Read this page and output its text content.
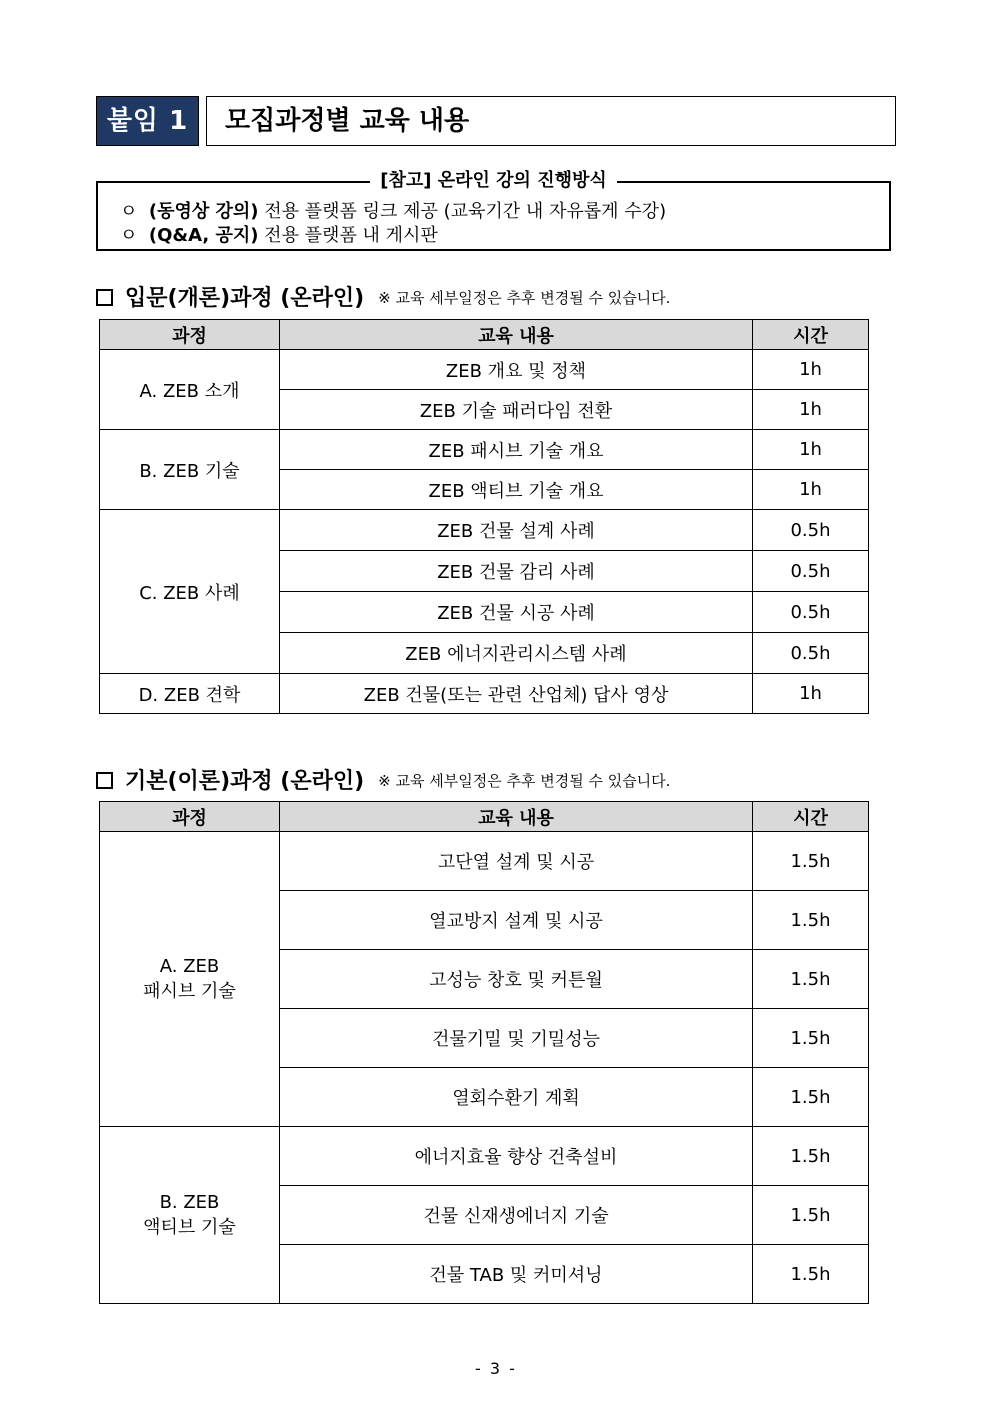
붙임 1	모집과정별 교육 내용
[참고] 온라인 강의 진행방식
ㅇ (동영상 강의) 전용 플랫폼 링크 제공 (교육기간 내 자유롭게 수강)
ㅇ (Q&A, 공지) 전용 플랫폼 내 게시판
입문(개론)과정 (온라인) ※ 교육 세부일정은 추후 변경될 수 있습니다.
과정	교육 내용	시간
A. ZEB 소개	ZEB 개요 및 정책	1h
	ZEB 기술 패러다임 전환	1h
B. ZEB 기술	ZEB 패시브 기술 개요	1h
	ZEB 액티브 기술 개요	1h
C. ZEB 사례	ZEB 건물 설계 사례	0.5h
	ZEB 건물 감리 사례	0.5h
	ZEB 건물 시공 사례	0.5h
	ZEB 에너지관리시스템 사례	0.5h
D. ZEB 견학	ZEB 건물(또는 관련 산업체) 답사 영상	1h
기본(이론)과정 (온라인) ※ 교육 세부일정은 추후 변경될 수 있습니다.
과정	교육 내용	시간
A. ZEB
패시브 기술	고단열 설계 및 시공	1.5h
	열교방지 설계 및 시공	1.5h
	고성능 창호 및 커튼월	1.5h
	건물기밀 및 기밀성능	1.5h
	열회수환기 계획	1.5h
B. ZEB
액티브 기술	에너지효율 향상 건축설비	1.5h
	건물 신재생에너지 기술	1.5h
	건물 TAB 및 커미셔닝	1.5h
- 3 -
